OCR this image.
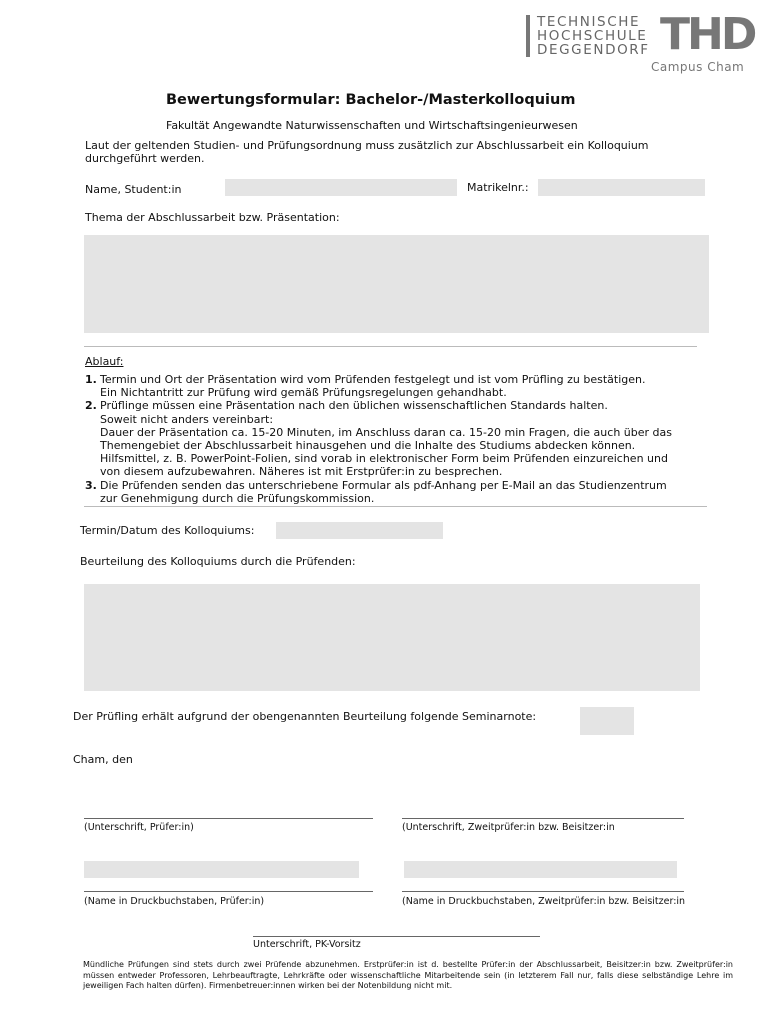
TECHNISCHE
HOCHSCHULE
DEGGENDORF THD
Campus Cham
Bewertungsformular: Bachelor-/Masterkolloquium
Fakultät Angewandte Naturwissenschaften und Wirtschaftsingenieurwesen
Laut der geltenden Studien- und Prüfungsordnung muss zusätzlich zur Abschlussarbeit ein Kolloquium durchgeführt werden.
Name, Student:in	Matrikelnr.:
Thema der Abschlussarbeit bzw. Präsentation:
Ablauf:
1. Termin und Ort der Präsentation wird vom Prüfenden festgelegt und ist vom Prüfling zu bestätigen.
Ein Nichtantritt zur Prüfung wird gemäß Prüfungsregelungen gehandhabt.
2. Prüflinge müssen eine Präsentation nach den üblichen wissenschaftlichen Standards halten.
Soweit nicht anders vereinbart:
Dauer der Präsentation ca. 15-20 Minuten, im Anschluss daran ca. 15-20 min Fragen, die auch über das
Themengebiet der Abschlussarbeit hinausgehen und die Inhalte des Studiums abdecken können.
Hilfsmittel, z. B. PowerPoint-Folien, sind vorab in elektronischer Form beim Prüfenden einzureichen und
von diesem aufzubewahren. Näheres ist mit Erstprüfer:in zu besprechen.
3. Die Prüfenden senden das unterschriebene Formular als pdf-Anhang per E-Mail an das Studienzentrum
zur Genehmigung durch die Prüfungskommission.
Termin/Datum des Kolloquiums:
Beurteilung des Kolloquiums durch die Prüfenden:
Der Prüfling erhält aufgrund der obengenannten Beurteilung folgende Seminarnote:
Cham, den
(Unterschrift, Prüfer:in)	(Unterschrift, Zweitprüfer:in bzw. Beisitzer:in
(Name in Druckbuchstaben, Prüfer:in)	(Name in Druckbuchstaben, Zweitprüfer:in bzw. Beisitzer:in
Unterschrift, PK-Vorsitz
Mündliche Prüfungen sind stets durch zwei Prüfende abzunehmen. Erstprüfer:in ist d. bestellte Prüfer:in der Abschlussarbeit, Beisitzer:in bzw. Zweitprüfer:in müssen entweder Professoren, Lehrbeauftragte, Lehrkräfte oder wissenschaftliche Mitarbeitende sein (in letzterem Fall nur, falls diese selbständige Lehre im jeweiligen Fach halten dürfen). Firmenbetreuer:innen wirken bei der Notenbildung nicht mit.
